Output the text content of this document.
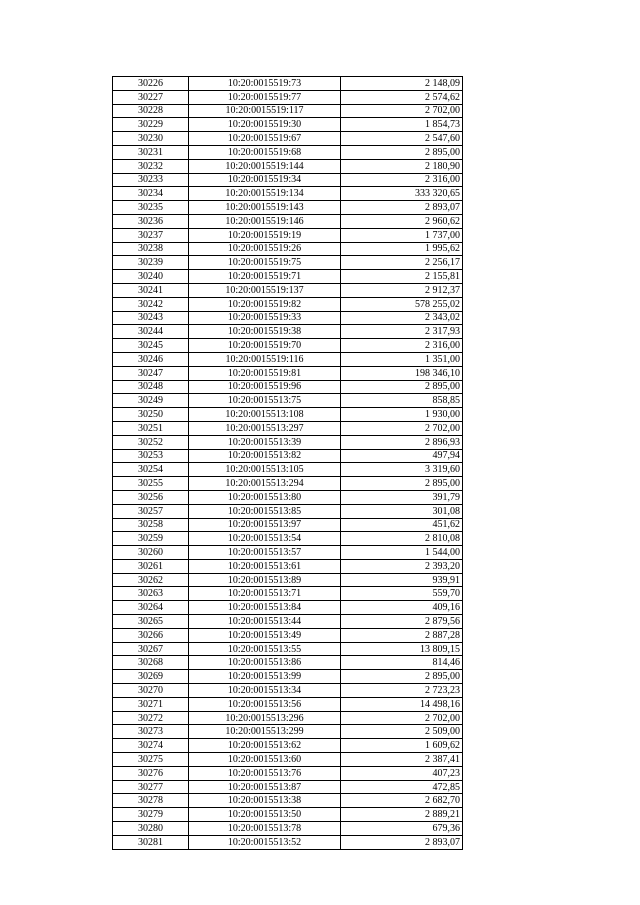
30226	10:20:0015519:73	2 148,09
30227	10:20:0015519:77	2 574,62
30228	10:20:0015519:117	2 702,00
30229	10:20:0015519:30	1 854,73
30230	10:20:0015519:67	2 547,60
30231	10:20:0015519:68	2 895,00
30232	10:20:0015519:144	2 180,90
30233	10:20:0015519:34	2 316,00
30234	10:20:0015519:134	333 320,65
30235	10:20:0015519:143	2 893,07
30236	10:20:0015519:146	2 960,62
30237	10:20:0015519:19	1 737,00
30238	10:20:0015519:26	1 995,62
30239	10:20:0015519:75	2 256,17
30240	10:20:0015519:71	2 155,81
30241	10:20:0015519:137	2 912,37
30242	10:20:0015519:82	578 255,02
30243	10:20:0015519:33	2 343,02
30244	10:20:0015519:38	2 317,93
30245	10:20:0015519:70	2 316,00
30246	10:20:0015519:116	1 351,00
30247	10:20:0015519:81	198 346,10
30248	10:20:0015519:96	2 895,00
30249	10:20:0015513:75	858,85
30250	10:20:0015513:108	1 930,00
30251	10:20:0015513:297	2 702,00
30252	10:20:0015513:39	2 896,93
30253	10:20:0015513:82	497,94
30254	10:20:0015513:105	3 319,60
30255	10:20:0015513:294	2 895,00
30256	10:20:0015513:80	391,79
30257	10:20:0015513:85	301,08
30258	10:20:0015513:97	451,62
30259	10:20:0015513:54	2 810,08
30260	10:20:0015513:57	1 544,00
30261	10:20:0015513:61	2 393,20
30262	10:20:0015513:89	939,91
30263	10:20:0015513:71	559,70
30264	10:20:0015513:84	409,16
30265	10:20:0015513:44	2 879,56
30266	10:20:0015513:49	2 887,28
30267	10:20:0015513:55	13 809,15
30268	10:20:0015513:86	814,46
30269	10:20:0015513:99	2 895,00
30270	10:20:0015513:34	2 723,23
30271	10:20:0015513:56	14 498,16
30272	10:20:0015513:296	2 702,00
30273	10:20:0015513:299	2 509,00
30274	10:20:0015513:62	1 609,62
30275	10:20:0015513:60	2 387,41
30276	10:20:0015513:76	407,23
30277	10:20:0015513:87	472,85
30278	10:20:0015513:38	2 682,70
30279	10:20:0015513:50	2 889,21
30280	10:20:0015513:78	679,36
30281	10:20:0015513:52	2 893,07
